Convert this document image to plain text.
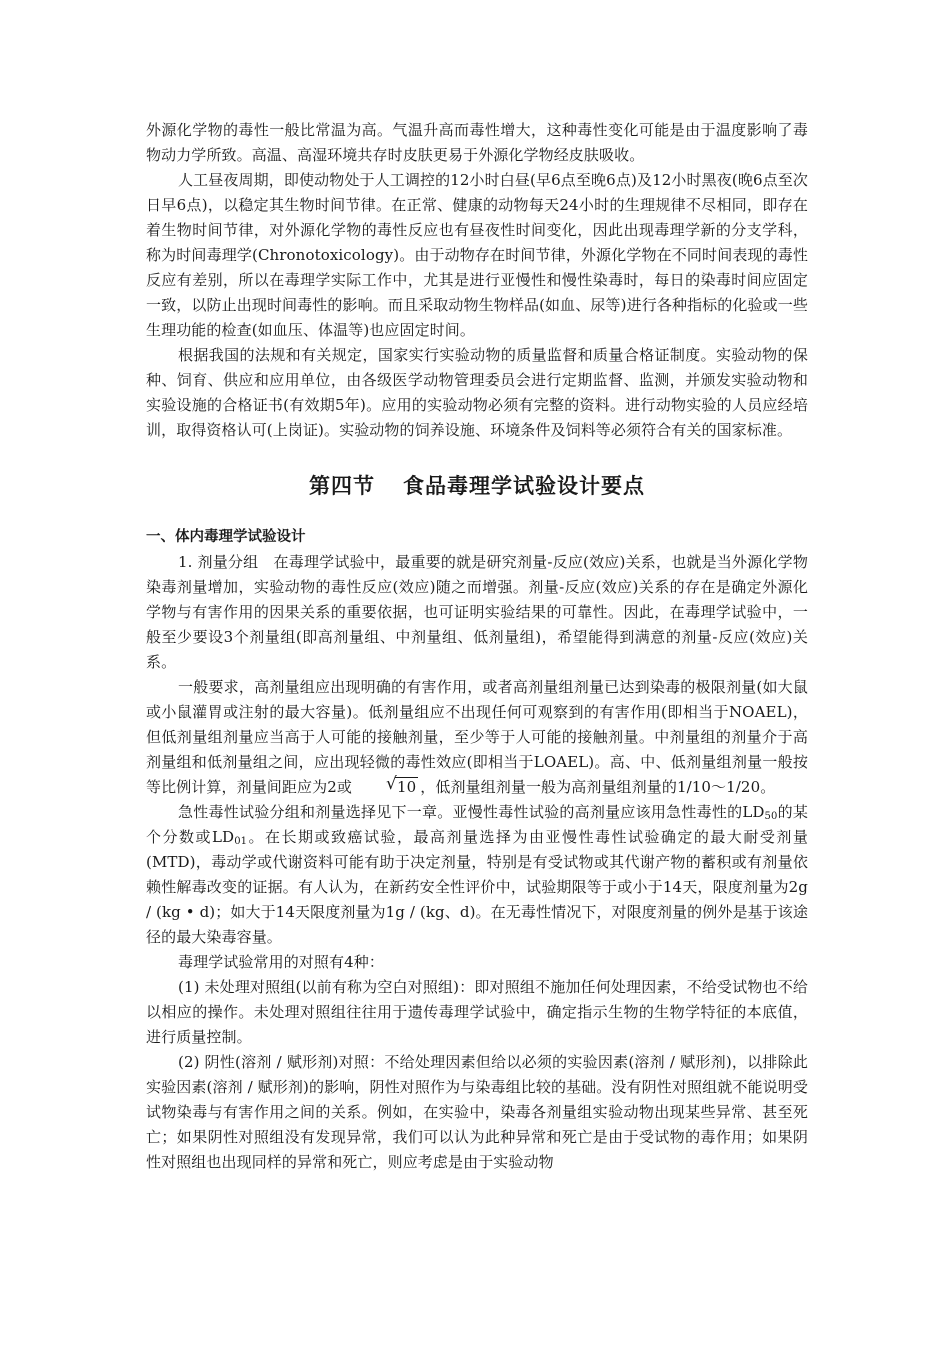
外源化学物的毒性一般比常温为高。气温升高而毒性增大，这种毒性变化可能是由于温度影响了毒物动力学所致。高温、高湿环境共存时皮肤更易于外源化学物经皮肤吸收。

人工昼夜周期，即使动物处于人工调控的12小时白昼(早6点至晚6点)及12小时黑夜(晚6点至次日早6点)，以稳定其生物时间节律。在正常、健康的动物每天24小时的生理规律不尽相同，即存在着生物时间节律，对外源化学物的毒性反应也有昼夜性时间变化，因此出现毒理学新的分支学科，称为时间毒理学(Chronotoxicology)。由于动物存在时间节律，外源化学物在不同时间表现的毒性反应有差别，所以在毒理学实际工作中，尤其是进行亚慢性和慢性染毒时，每日的染毒时间应固定一致，以防止出现时间毒性的影响。而且采取动物生物样品(如血、尿等)进行各种指标的化验或一些生理功能的检查(如血压、体温等)也应固定时间。

根据我国的法规和有关规定，国家实行实验动物的质量监督和质量合格证制度。实验动物的保种、饲育、供应和应用单位，由各级医学动物管理委员会进行定期监督、监测，并颁发实验动物和实验设施的合格证书(有效期5年)。应用的实验动物必须有完整的资料。进行动物实验的人员应经培训，取得资格认可(上岗证)。实验动物的饲养设施、环境条件及饲料等必须符合有关的国家标准。

第四节 食品毒理学试验设计要点
一、体内毒理学试验设计

1. 剂量分组　在毒理学试验中，最重要的就是研究剂量-反应(效应)关系，也就是当外源化学物染毒剂量增加，实验动物的毒性反应(效应)随之而增强。剂量-反应(效应)关系的存在是确定外源化学物与有害作用的因果关系的重要依据，也可证明实验结果的可靠性。因此，在毒理学试验中，一般至少要设3个剂量组(即高剂量组、中剂量组、低剂量组)，希望能得到满意的剂量-反应(效应)关系。

一般要求，高剂量组应出现明确的有害作用，或者高剂量组剂量已达到染毒的极限剂量(如大鼠或小鼠灌胃或注射的最大容量)。低剂量组应不出现任何可观察到的有害作用(即相当于NOAEL)，但低剂量组剂量应当高于人可能的接触剂量，至少等于人可能的接触剂量。中剂量组的剂量介于高剂量组和低剂量组之间，应出现轻微的毒性效应(即相当于LOAEL)。高、中、低剂量组剂量一般按等比例计算，剂量间距应为2或	√ 10 ，低剂量组剂量一般为高剂量组剂量的1/10～1/20。

急性毒性试验分组和剂量选择见下一章。亚慢性毒性试验的高剂量应该用急性毒性的$LD_{50}$的某个分数或$LD_{01}$。在长期或致癌试验，最高剂量选择为由亚慢性毒性试验确定的最大耐受剂量(MTD)，毒动学或代谢资料可能有助于决定剂量，特别是有受试物或其代谢产物的蓄积或有剂量依赖性解毒改变的证据。有人认为，在新药安全性评价中，试验期限等于或小于14天，限度剂量为2g / (kg • d)；如大于14天限度剂量为1g / (kg、d)。在无毒性情况下，对限度剂量的例外是基于该途径的最大染毒容量。

毒理学试验常用的对照有4种：

(1) 未处理对照组(以前有称为空白对照组)：即对照组不施加任何处理因素，不给受试物也不给以相应的操作。未处理对照组往往用于遗传毒理学试验中，确定指示生物的生物学特征的本底值，进行质量控制。

(2) 阴性(溶剂 / 赋形剂)对照：不给处理因素但给以必须的实验因素(溶剂 / 赋形剂)，以排除此实验因素(溶剂 / 赋形剂)的影响，阴性对照作为与染毒组比较的基础。没有阴性对照组就不能说明受试物染毒与有害作用之间的关系。例如，在实验中，染毒各剂量组实验动物出现某些异常、甚至死亡；如果阴性对照组没有发现异常，我们可以认为此种异常和死亡是由于受试物的毒作用；如果阴性对照组也出现同样的异常和死亡，则应考虑是由于实验动物
